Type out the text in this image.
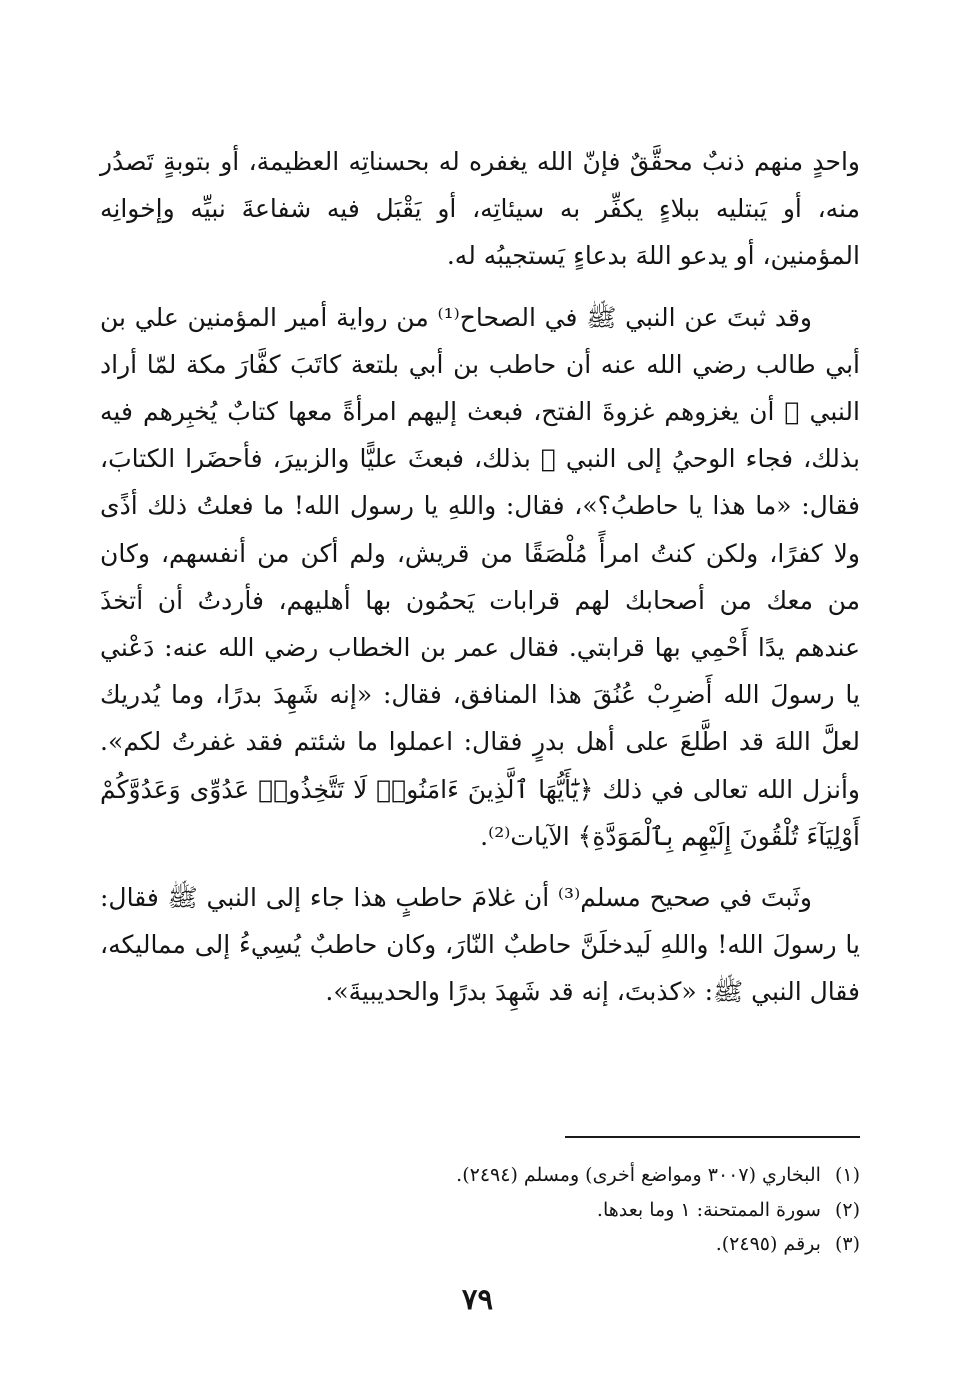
واحدٍ منهم ذنبٌ محقَّقٌ فإنّ الله يغفره له بحسناتِه العظيمة، أو بتوبةٍ تَصدُر منه، أو يَبتليه ببلاءٍ يكفِّر به سيئاتِه، أو يَقْبَل فيه شفاعةَ نبيِّه وإخوانِه المؤمنين، أو يدعو اللهَ بدعاءٍ يَستجيبُه له.

وقد ثبتَ عن النبي ﷺ في الصحاح⁽¹⁾ من رواية أمير المؤمنين علي بن أبي طالب رضي الله عنه أن حاطب بن أبي بلتعة كاتَبَ كفَّارَ مكة لمّا أراد النبي ﷺ أن يغزوهم غزوةَ الفتح، فبعث إليهم امرأةً معها كتابٌ يُخبِرهم فيه بذلك، فجاء الوحيُ إلى النبي ﷺ بذلك، فبعثَ عليًّا والزبيرَ، فأحضَرا الكتابَ، فقال: «ما هذا يا حاطبُ؟»، فقال: واللهِ يا رسول الله! ما فعلتُ ذلك أذًى ولا كفرًا، ولكن كنتُ امرأً مُلْصَقًا من قريش، ولم أكن من أنفسهم، وكان من معك من أصحابك لهم قرابات يَحمُون بها أهليهم، فأردتُ أن أتخذَ عندهم يدًا أَحْمِي بها قرابتي. فقال عمر بن الخطاب رضي الله عنه: دَعْني يا رسولَ الله أَضرِبْ عُنُقَ هذا المنافق، فقال: «إنه شَهِدَ بدرًا، وما يُدريك لعلَّ اللهَ قد اطَّلعَ على أهل بدرٍ فقال: اعملوا ما شئتم فقد غفرتُ لكم». وأنزل الله تعالى في ذلك ﴿يَٰٓأَيُّهَا ٱلَّذِينَ ءَامَنُوا۟ لَا تَتَّخِذُوا۟ عَدُوِّى وَعَدُوَّكُمْ أَوْلِيَآءَ تُلْقُونَ إِلَيْهِم بِٱلْمَوَدَّةِ﴾ الآيات⁽²⁾.

وثَبتَ في صحيح مسلم⁽³⁾ أن غلامَ حاطبٍ هذا جاء إلى النبي ﷺ فقال: يا رسولَ الله! واللهِ لَيدخلَنَّ حاطبٌ النّارَ، وكان حاطبٌ يُسِيءُ إلى مماليكه، فقال النبي ﷺ: «كذبتَ، إنه قد شَهِدَ بدرًا والحديبيةَ».

(١)البخاري (٣٠٠٧ ومواضع أخرى) ومسلم (٢٤٩٤).
(٢)سورة الممتحنة: ١ وما بعدها.
(٣)برقم (٢٤٩٥).
٧٩
